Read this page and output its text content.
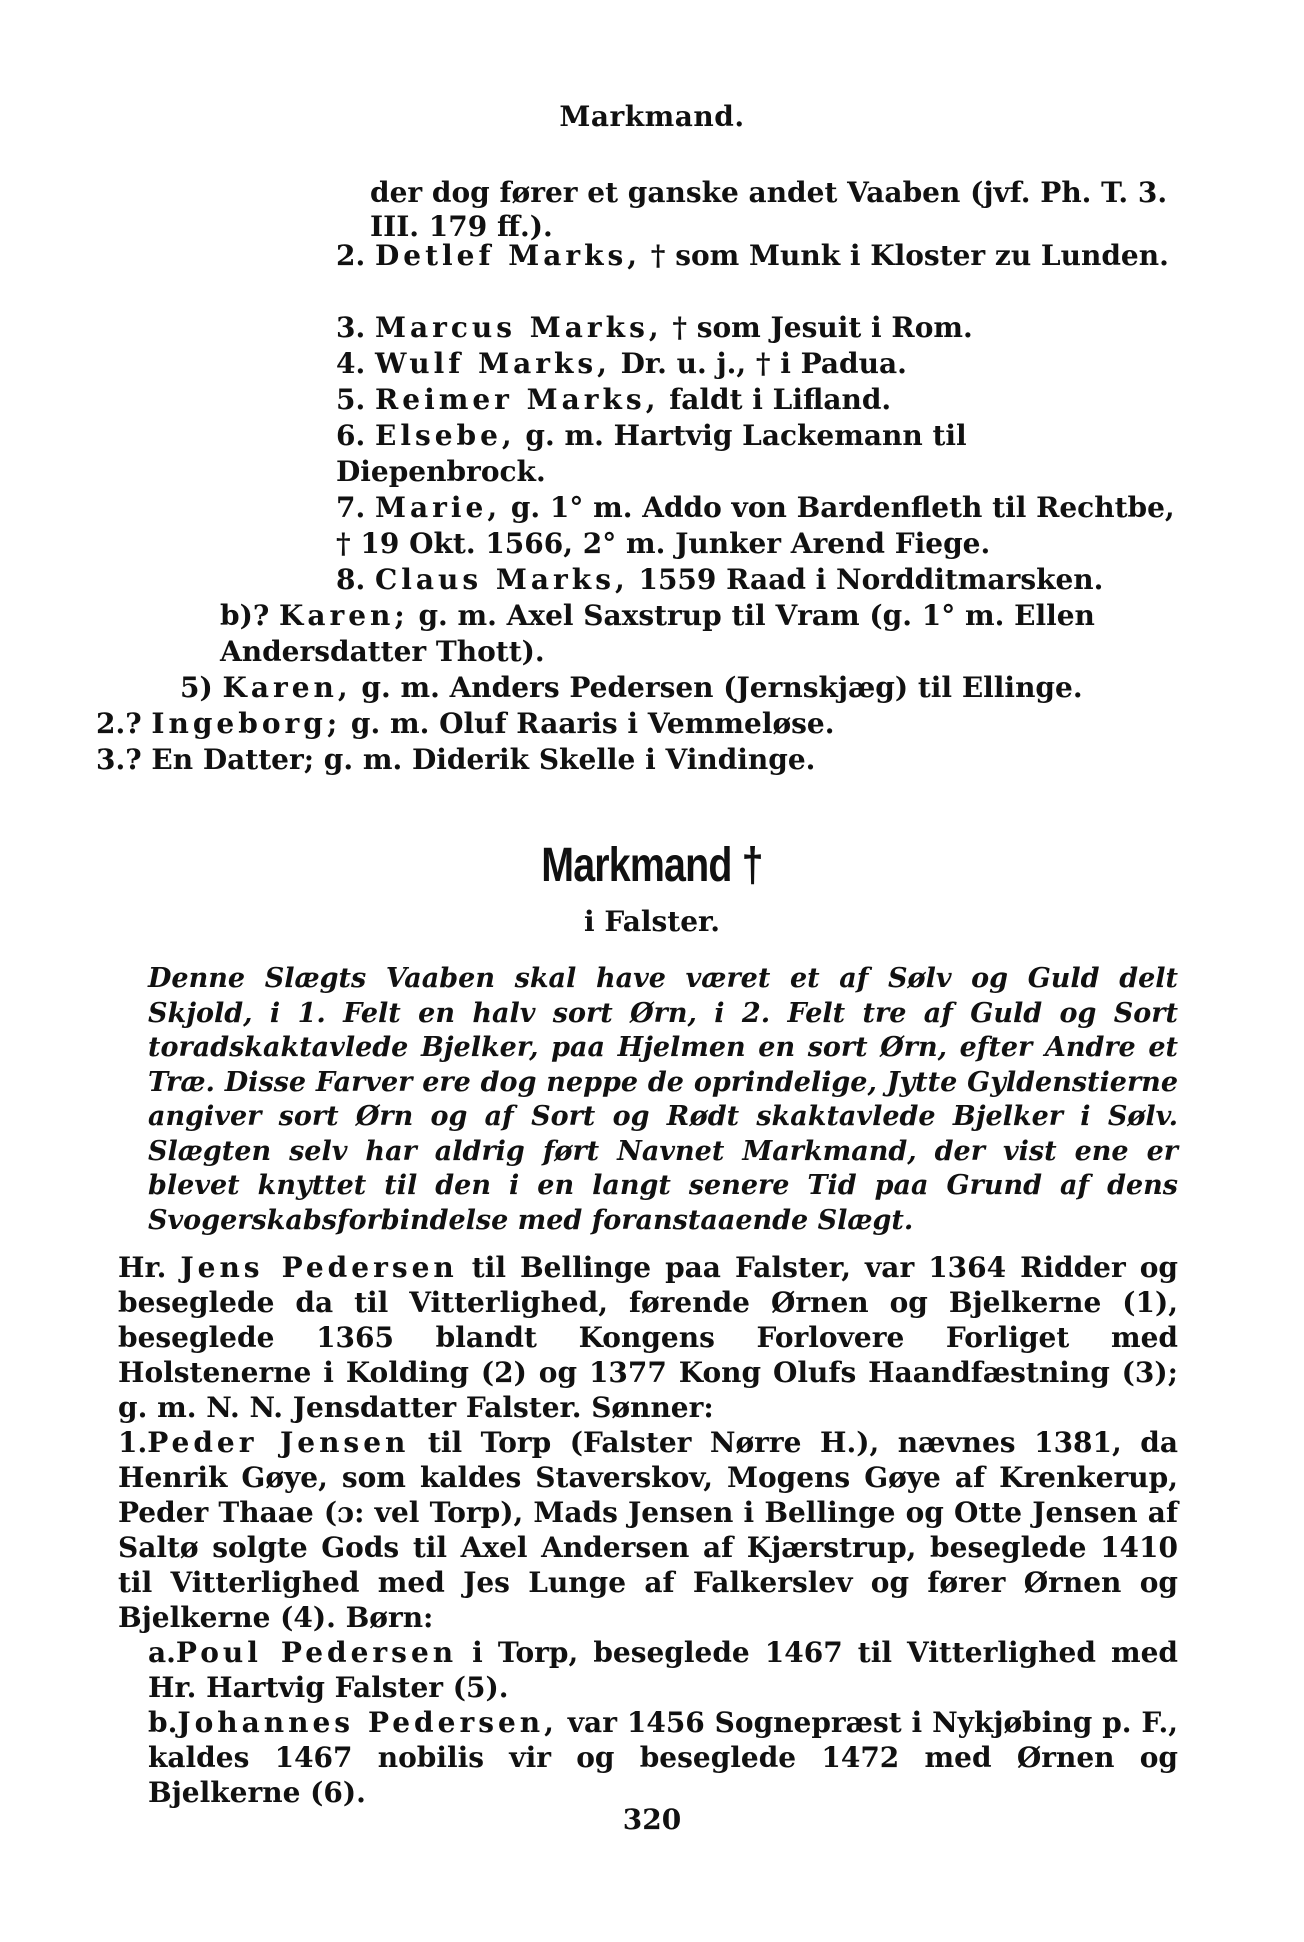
Markmand.

der dog fører et ganske andet Vaaben (jvf. Ph. T. 3. III. 179 ff.).

2. Detlef Marks, † som Munk i Kloster zu Lunden.
3. Marcus Marks, † som Jesuit i Rom.
4. Wulf Marks, Dr. u. j., † i Padua.
5. Reimer Marks, faldt i Lifland.
6. Elsebe, g. m. Hartvig Lackemann til Diepenbrock.
7. Marie, g. 1° m. Addo von Bardenfleth til Rechtbe, † 19 Okt. 1566, 2° m. Junker Arend Fiege.
8. Claus Marks, 1559 Raad i Nordditmarsken.
b)? Karen; g. m. Axel Saxstrup til Vram (g. 1° m. Ellen Andersdatter Thott).
5) Karen, g. m. Anders Pedersen (Jernskjæg) til Ellinge.
2.? Ingeborg; g. m. Oluf Raaris i Vemmeløse.
3.? En Datter; g. m. Diderik Skelle i Vindinge.
Markmand †
i Falster.

Denne Slægts Vaaben skal have været et af Sølv og Guld delt Skjold, i 1. Felt en halv sort Ørn, i 2. Felt tre af Guld og Sort toradskaktavlede Bjelker, paa Hjelmen en sort Ørn, efter Andre et Træ. Disse Farver ere dog neppe de oprindelige, Jytte Gyldenstierne angiver sort Ørn og af Sort og Rødt skaktavlede Bjelker i Sølv. Slægten selv har aldrig ført Navnet Markmand, der vist ene er blevet knyttet til den i en langt senere Tid paa Grund af dens Svogerskabsforbindelse med foranstaaende Slægt.

Hr. Jens Pedersen til Bellinge paa Falster, var 1364 Ridder og beseglede da til Vitterlighed, førende Ørnen og Bjelkerne (1), beseglede 1365 blandt Kongens Forlovere Forliget med Holstenerne i Kolding (2) og 1377 Kong Olufs Haandfæstning (3); g. m. N. N. Jensdatter Falster. Sønner:

1.Peder Jensen til Torp (Falster Nørre H.), nævnes 1381, da Henrik Gøye, som kaldes Staverskov, Mogens Gøye af Krenkerup, Peder Thaae (ɔ: vel Torp), Mads Jensen i Bellinge og Otte Jensen af Saltø solgte Gods til Axel Andersen af Kjærstrup, beseglede 1410 til Vitterlighed med Jes Lunge af Falkerslev og fører Ørnen og Bjelkerne (4). Børn:

a.Poul Pedersen i Torp, beseglede 1467 til Vitterlighed med Hr. Hartvig Falster (5).

b.Johannes Pedersen, var 1456 Sognepræst i Nykjøbing p. F., kaldes 1467 nobilis vir og beseglede 1472 med Ørnen og Bjelkerne (6).

320
